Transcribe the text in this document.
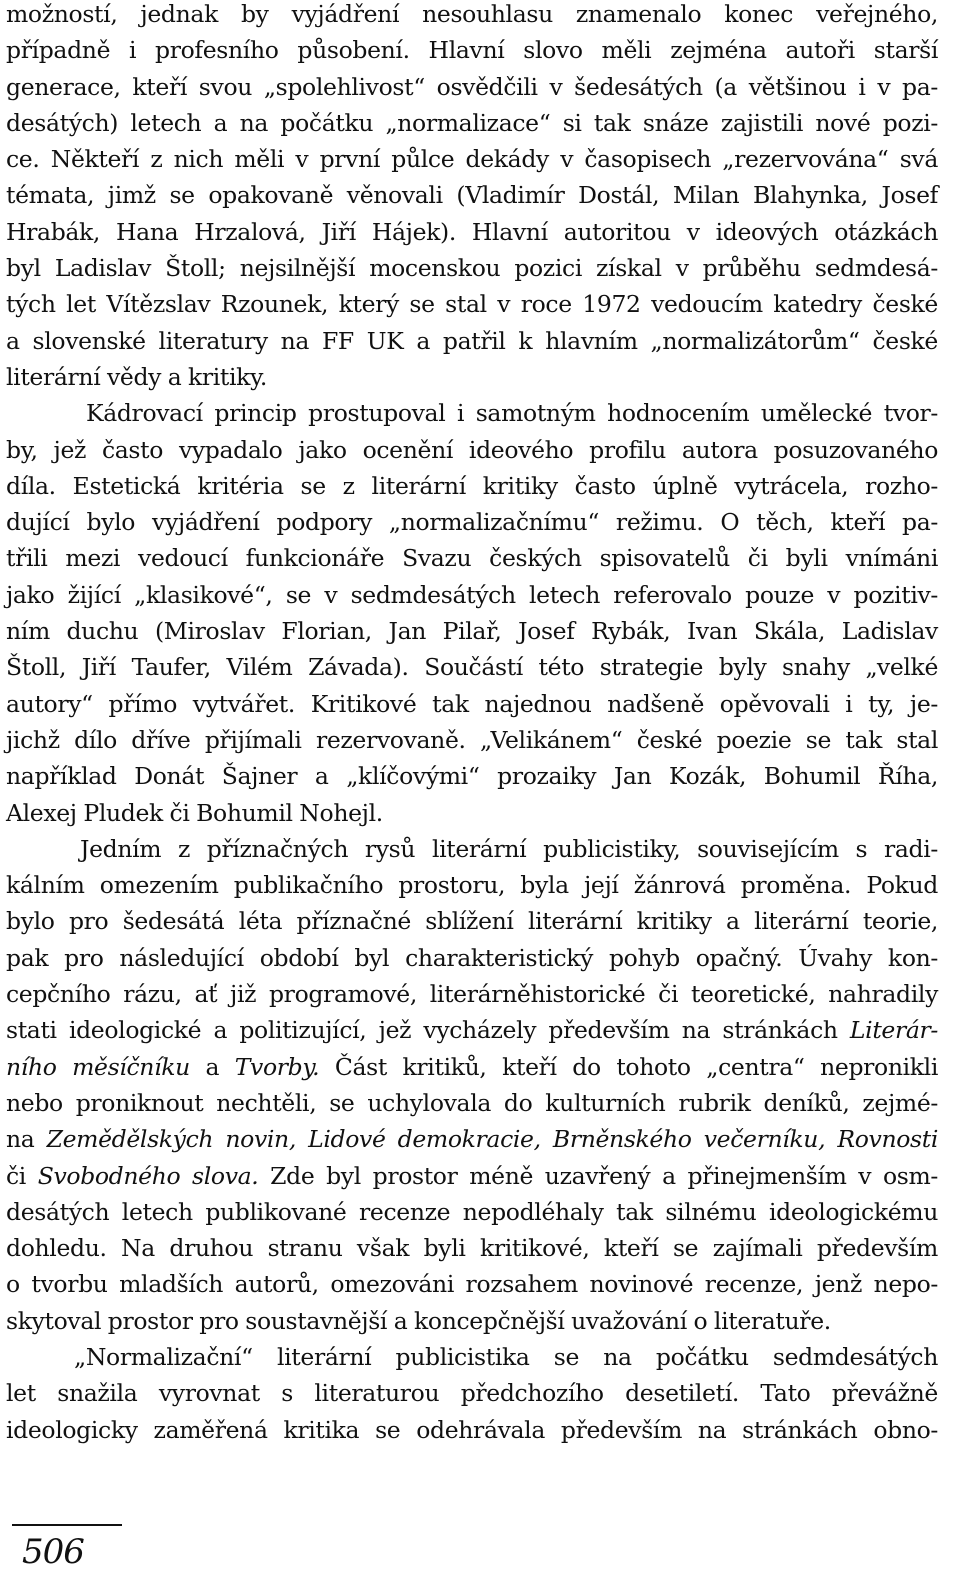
možností, jednak by vyjádření nesouhlasu znamenalo konec veřejného,
případně i profesního působení. Hlavní slovo měli zejména autoři starší
generace, kteří svou „spolehlivost“ osvědčili v šedesátých (a většinou i v pa-
desátých) letech a na počátku „normalizace“ si tak snáze zajistili nové pozi-
ce. Někteří z nich měli v první půlce dekády v časopisech „rezervována“ svá
témata, jimž se opakovaně věnovali (Vladimír Dostál, Milan Blahynka, Josef
Hrabák, Hana Hrzalová, Jiří Hájek). Hlavní autoritou v ideových otázkách
byl Ladislav Štoll; nejsilnější mocenskou pozici získal v průběhu sedmdesá-
tých let Vítězslav Rzounek, který se stal v roce 1972 vedoucím katedry české
a slovenské literatury na FF UK a patřil k hlavním „normalizátorům“ české
literární vědy a kritiky.
Kádrovací princip prostupoval i samotným hodnocením umělecké tvor-
by, jež často vypadalo jako ocenění ideového profilu autora posuzovaného
díla. Estetická kritéria se z literární kritiky často úplně vytrácela, rozho-
dující bylo vyjádření podpory „normalizačnímu“ režimu. O těch, kteří pa-
třili mezi vedoucí funkcionáře Svazu českých spisovatelů či byli vnímáni
jako žijící „klasikové“, se v sedmdesátých letech referovalo pouze v pozitiv-
ním duchu (Miroslav Florian, Jan Pilař, Josef Rybák, Ivan Skála, Ladislav
Štoll, Jiří Taufer, Vilém Závada). Součástí této strategie byly snahy „velké
autory“ přímo vytvářet. Kritikové tak najednou nadšeně opěvovali i ty, je-
jichž dílo dříve přijímali rezervovaně. „Velikánem“ české poezie se tak stal
například Donát Šajner a „klíčovými“ prozaiky Jan Kozák, Bohumil Říha,
Alexej Pludek či Bohumil Nohejl.
Jedním z příznačných rysů literární publicistiky, souvisejícím s radi-
kálním omezením publikačního prostoru, byla její žánrová proměna. Pokud
bylo pro šedesátá léta příznačné sblížení literární kritiky a literární teorie,
pak pro následující období byl charakteristický pohyb opačný. Úvahy kon-
cepčního rázu, ať již programové, literárněhistorické či teoretické, nahradily
stati ideologické a politizující, jež vycházely především na stránkách Literár-
ního měsíčníku a Tvorby. Část kritiků, kteří do tohoto „centra“ nepronikli
nebo proniknout nechtěli, se uchylovala do kulturních rubrik deníků, zejmé-
na Zemědělských novin, Lidové demokracie, Brněnského večerníku, Rovnosti
či Svobodného slova. Zde byl prostor méně uzavřený a přinejmenším v osm-
desátých letech publikované recenze nepodléhaly tak silnému ideologickému
dohledu. Na druhou stranu však byli kritikové, kteří se zajímali především
o tvorbu mladších autorů, omezováni rozsahem novinové recenze, jenž nepo-
skytoval prostor pro soustavnější a koncepčnější uvažování o literatuře.
„Normalizační“ literární publicistika se na počátku sedmdesátých
let snažila vyrovnat s literaturou předchozího desetiletí. Tato převážně
ideologicky zaměřená kritika se odehrávala především na stránkách obno-
506
